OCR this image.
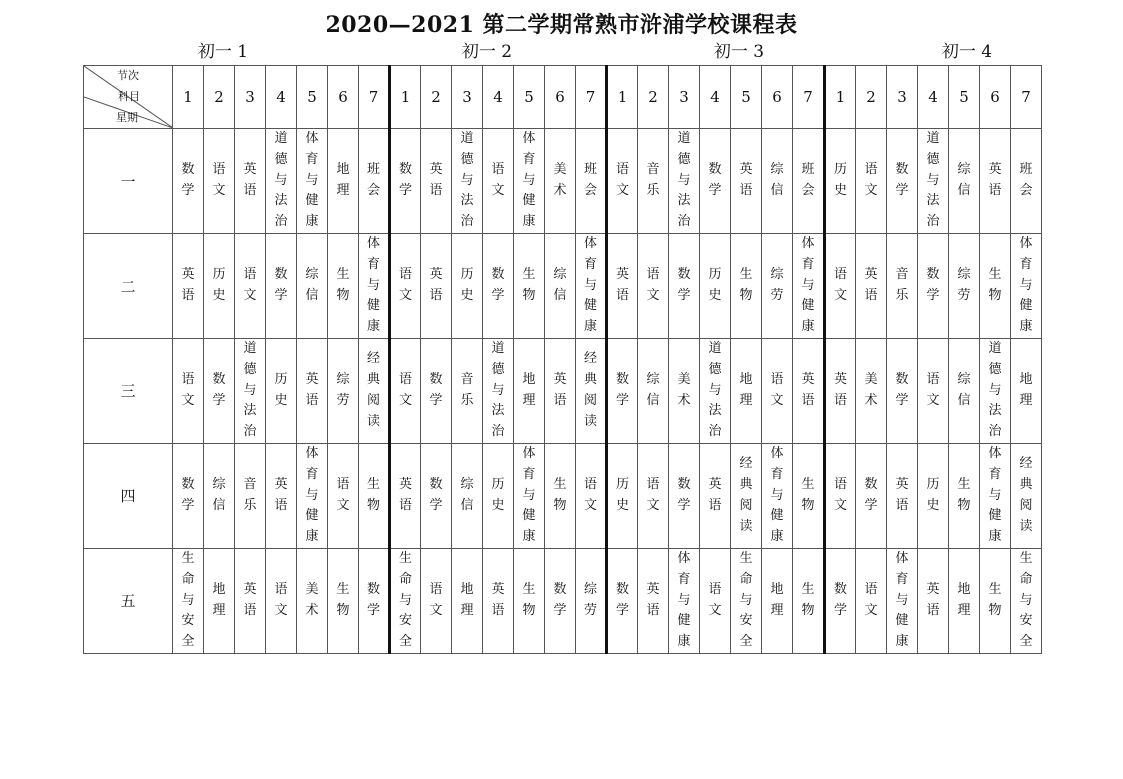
2020—2021 第二学期常熟市浒浦学校课程表
初一 1	初一 2	初一 3	初一 4
节次
科目
星期	1	2	3	4	5	6	7	1	2	3	4	5	6	7	1	2	3	4	5	6	7	1	2	3	4	5	6	7
一	数学	语文	英语	道德与法治	体育与健康	地理	班会	数学	英语	道德与法治	语文	体育与健康	美术	班会	语文	音乐	道德与法治	数学	英语	综信	班会	历史	语文	数学	道德与法治	综信	英语	班会
二	英语	历史	语文	数学	综信	生物	体育与健康	语文	英语	历史	数学	生物	综信	体育与健康	英语	语文	数学	历史	生物	综劳	体育与健康	语文	英语	音乐	数学	综劳	生物	体育与健康
三	语文	数学	道德与法治	历史	英语	综劳	经典阅读	语文	数学	音乐	道德与法治	地理	英语	经典阅读	数学	综信	美术	道德与法治	地理	语文	英语	英语	美术	数学	语文	综信	道德与法治	地理
四	数学	综信	音乐	英语	体育与健康	语文	生物	英语	数学	综信	历史	体育与健康	生物	语文	历史	语文	数学	英语	经典阅读	体育与健康	生物	语文	数学	英语	历史	生物	体育与健康	经典阅读
五	生命与安全	地理	英语	语文	美术	生物	数学	生命与安全	语文	地理	英语	生物	数学	综劳	数学	英语	体育与健康	语文	生命与安全	地理	生物	数学	语文	体育与健康	英语	地理	生物	生命与安全
